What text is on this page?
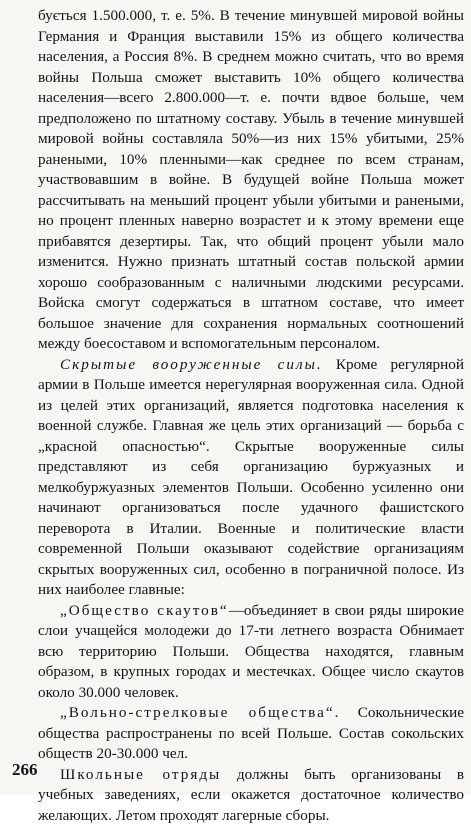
бується 1.500.000, т. е. 5%. В течение минувшей мировой войны Германия и Франция выставили 15% из общего количества населения, а Россия 8%. В среднем можно считать, что во время войны Польша сможет выставить 10% общего количества населения—всего 2.800.000—т. е. почти вдвое больше, чем предположено по штатному составу. Убыль в течение минувшей мировой войны составляла 50%—из них 15% убитыми, 25% ранеными, 10% пленными—как среднее по всем странам, участвовавшим в войне. В будущей войне Польша может рассчитывать на меньший процент убыли убитыми и ранеными, но процент пленных наверно возрастет и к этому времени еще прибавятся дезертиры. Так, что общий процент убыли мало изменится. Нужно признать штатный состав польской армии хорошо сообразованным с наличными людскими ресурсами. Войска смогут содержаться в штатном составе, что имеет большое значение для сохранения нормальных соотношений между боесоставом и вспомогательным персоналом.

Скрытые вооруженные силы. Кроме регулярной армии в Польше имеется нерегулярная вооруженная сила. Одной из целей этих организаций, является подготовка населения к военной службе. Главная же цель этих организаций — борьба с „красной опасностью“. Скрытые вооруженные силы представляют из себя организацию буржуазных и мелкобуржуазных элементов Польши. Особенно усиленно они начинают организоваться после удачного фашистского переворота в Италии. Военные и политические власти современной Польши оказывают содействие организациям скрытых вооруженных сил, особенно в пограничной полосе. Из них наиболее главные:

„Общество скаутов“—объединяет в свои ряды широкие слои учащейся молодежи до 17-ти летнего возраста Обнимает всю территорию Польши. Общества находятся, главным образом, в крупных городах и местечках. Общее число скаутов около 30.000 человек.

„Вольно-стрелковые общества“. Сокольнические общества распространены по всей Польше. Состав сокольских обществ 20-30.000 чел.

Школьные отряды должны быть организованы в учебных заведениях, если окажется достаточное количество желающих. Летом проходят лагерные сборы.

266
